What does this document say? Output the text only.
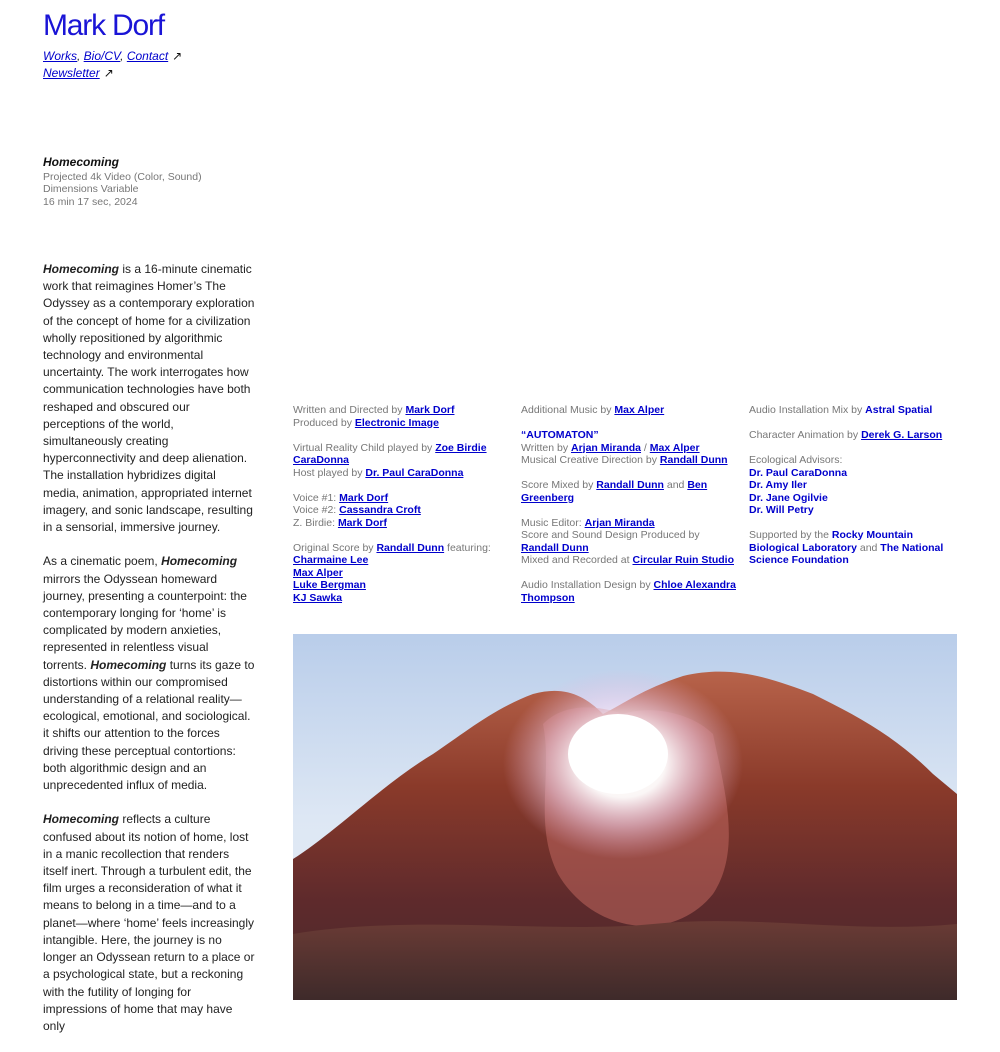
Mark Dorf
Works, Bio/CV, Contact ↗
Newsletter ↗
Homecoming
Projected 4k Video (Color, Sound)
Dimensions Variable
16 min 17 sec, 2024

Homecoming is a 16-minute cinematic work that reimagines Homer’s The Odyssey as a contemporary exploration of the concept of home for a civilization wholly repositioned by algorithmic technology and environmental uncertainty. The work interrogates how communication technologies have both reshaped and obscured our perceptions of the world, simultaneously creating hyperconnectivity and deep alienation. The installation hybridizes digital media, animation, appropriated internet imagery, and sonic landscape, resulting in a sensorial, immersive journey.

As a cinematic poem, Homecoming mirrors the Odyssean homeward journey, presenting a counterpoint: the contemporary longing for ‘home’ is complicated by modern anxieties, represented in relentless visual torrents. Homecoming turns its gaze to distortions within our compromised understanding of a relational reality—ecological, emotional, and sociological. it shifts our attention to the forces driving these perceptual contortions: both algorithmic design and an unprecedented influx of media.

Homecoming reflects a culture confused about its notion of home, lost in a manic recollection that renders itself inert. Through a turbulent edit, the film urges a reconsideration of what it means to belong in a time—and to a planet—where ‘home’ feels increasingly intangible. Here, the journey is no longer an Odyssean return to a place or a psychological state, but a reckoning with the futility of longing for impressions of home that may have only

Written and Directed by Mark Dorf
Produced by Electronic Image
Virtual Reality Child played by Zoe Birdie CaraDonna
Host played by Dr. Paul CaraDonna
Voice #1: Mark Dorf
Voice #2: Cassandra Croft
Z. Birdie: Mark Dorf
Original Score by Randall Dunn featuring:
Charmaine Lee
Max Alper
Luke Bergman
KJ Sawka
Additional Music by Max Alper
“AUTOMATON”
Written by Arjan Miranda / Max Alper
Musical Creative Direction by Randall Dunn
Score Mixed by Randall Dunn and Ben Greenberg
Music Editor: Arjan Miranda
Score and Sound Design Produced by Randall Dunn
Mixed and Recorded at Circular Ruin Studio
Audio Installation Design by Chloe Alexandra Thompson
Audio Installation Mix by Astral Spatial
Character Animation by Derek G. Larson
Ecological Advisors:
Dr. Paul CaraDonna
Dr. Amy Iler
Dr. Jane Ogilvie
Dr. Will Petry
Supported by the Rocky Mountain Biological Laboratory and The National Science Foundation
